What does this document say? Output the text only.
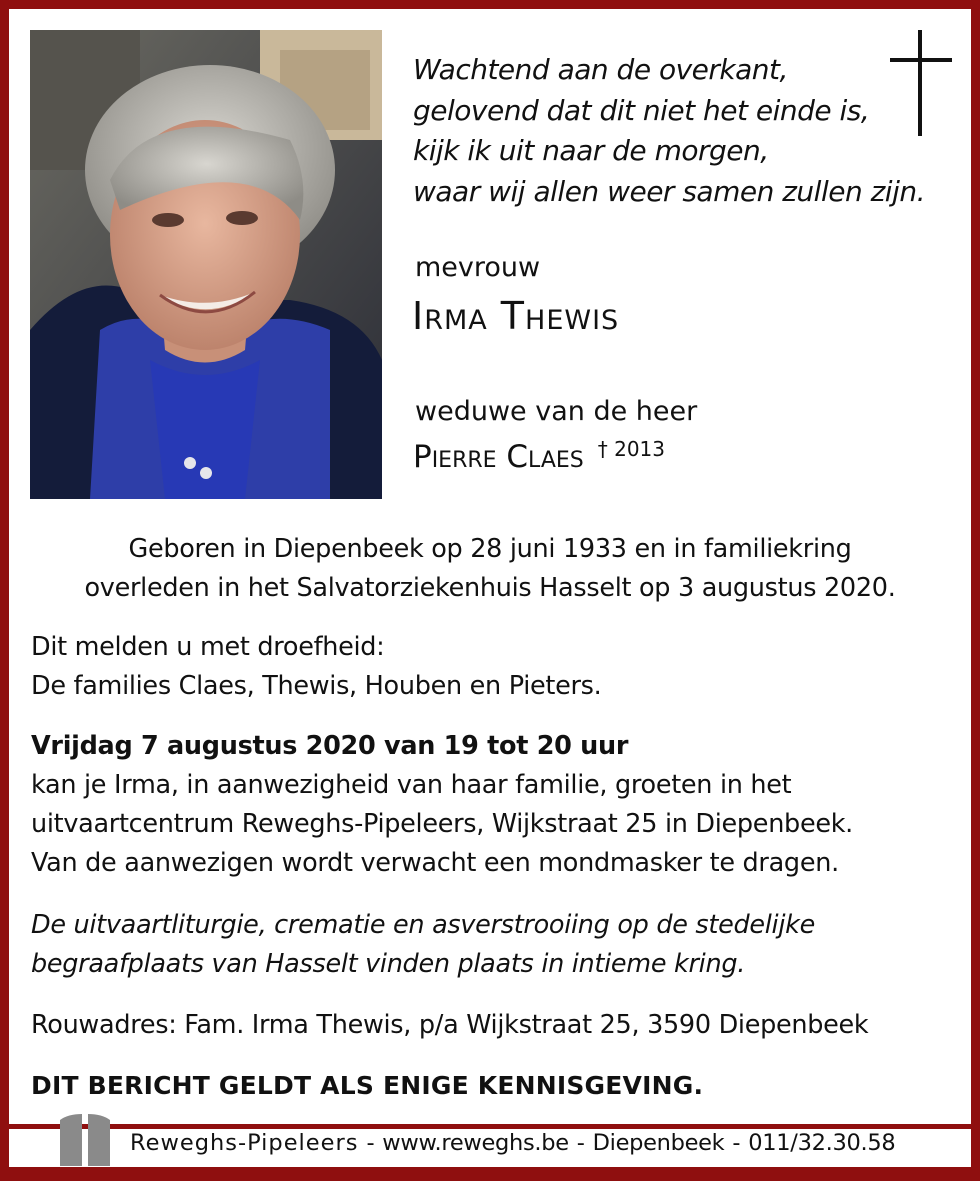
Wachtend aan de overkant,
gelovend dat dit niet het einde is,
kijk ik uit naar de morgen,
waar wij allen weer samen zullen zijn.
mevrouw
Irma Thewis
weduwe van de heer
Pierre Claes $^{\dagger 2013}$
Geboren in Diepenbeek op 28 juni 1933 en in familiekring
overleden in het Salvatorziekenhuis Hasselt op 3 augustus 2020.
Dit melden u met droefheid:
De families Claes, Thewis, Houben en Pieters.
Vrijdag 7 augustus 2020 van 19 tot 20 uur
kan je Irma, in aanwezigheid van haar familie, groeten in het
uitvaartcentrum Reweghs-Pipeleers, Wijkstraat 25 in Diepenbeek.
Van de aanwezigen wordt verwacht een mondmasker te dragen.
De uitvaartliturgie, crematie en asverstrooiing op de stedelijke
begraafplaats van Hasselt vinden plaats in intieme kring.
Rouwadres: Fam. Irma Thewis, p/a Wijkstraat 25, 3590 Diepenbeek
DIT BERICHT GELDT ALS ENIGE KENNISGEVING.
Reweghs-Pipeleers - www.reweghs.be - Diepenbeek - 011/32.30.58
